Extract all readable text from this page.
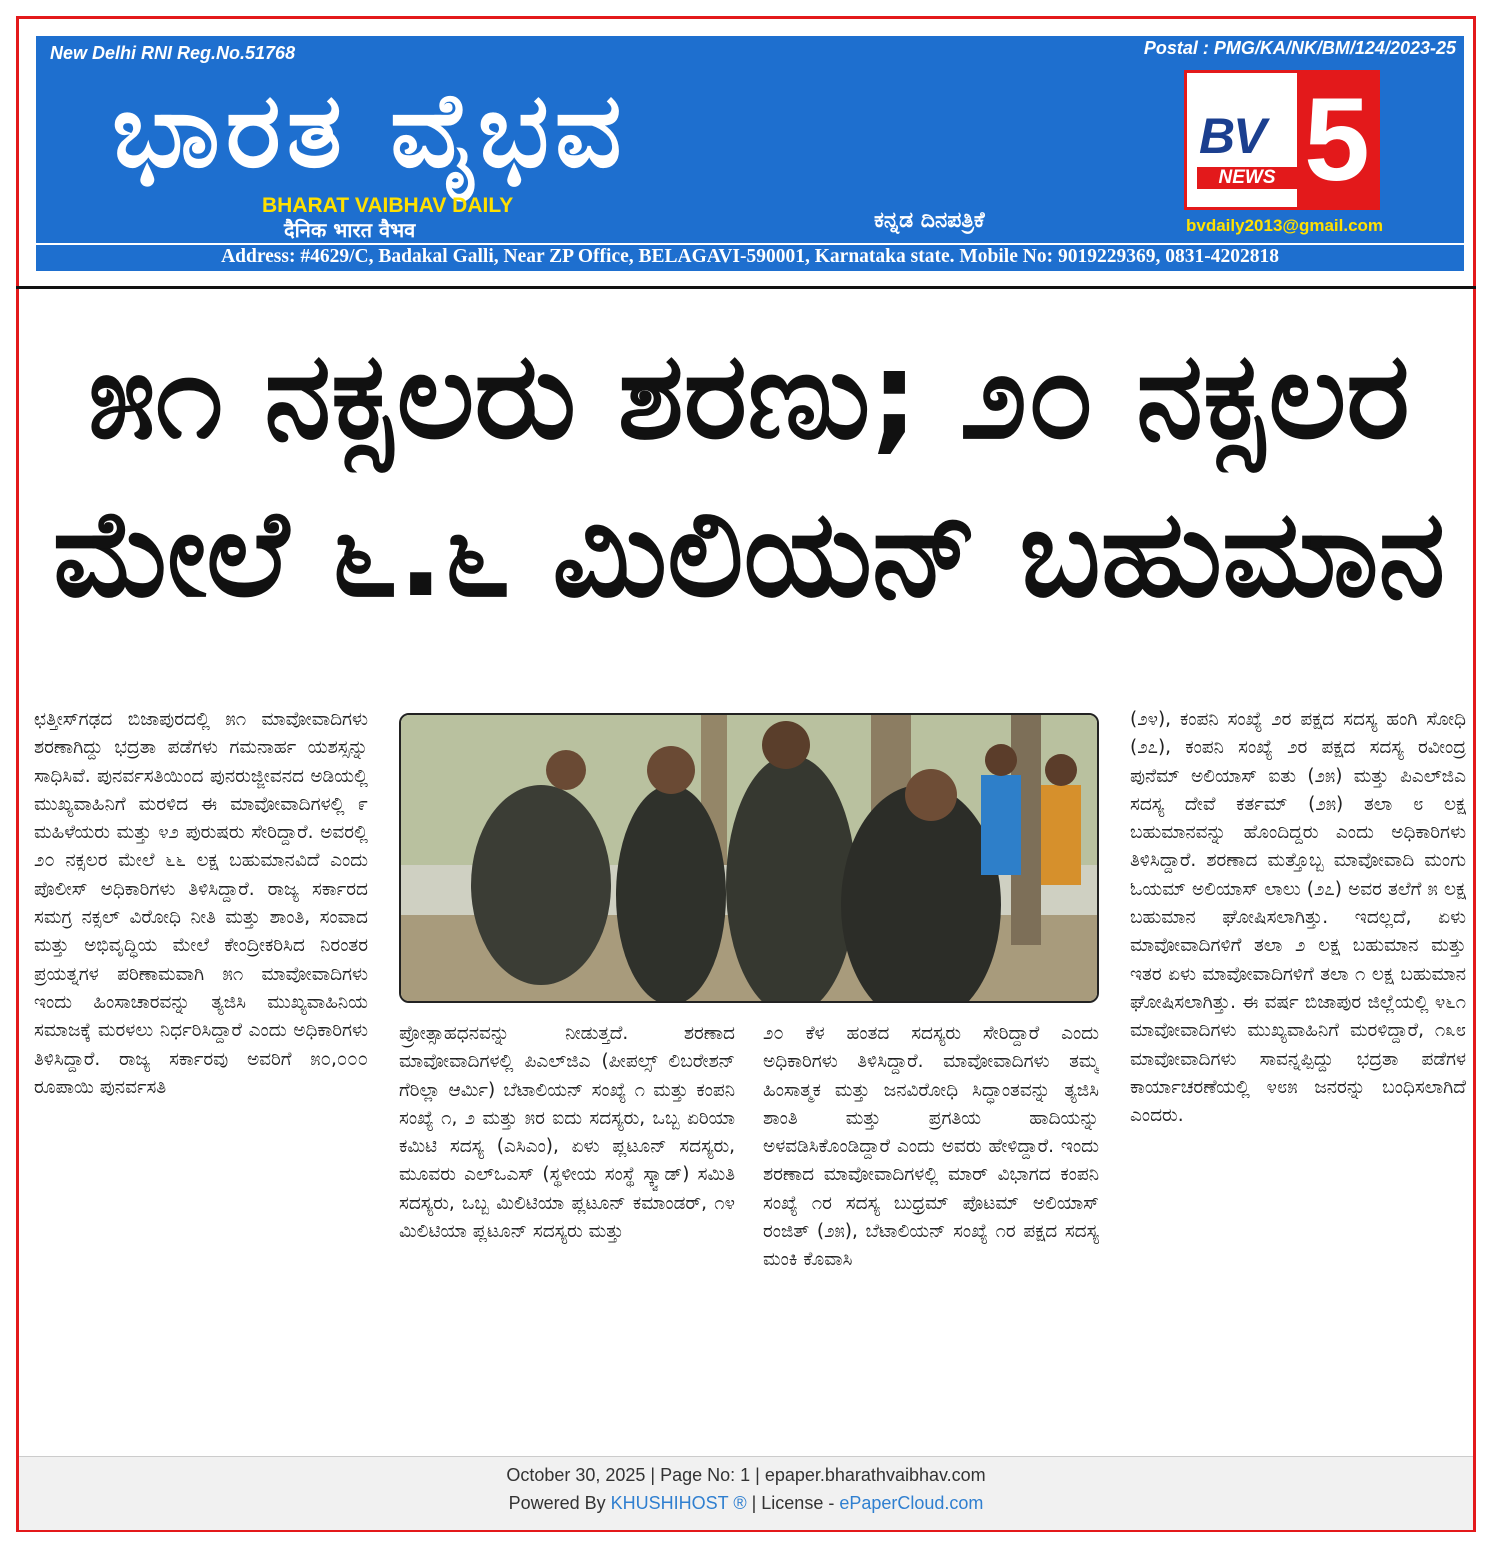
New Delhi RNI Reg.No.51768	Postal : PMG/KA/NK/BM/124/2023-25
ಭಾರತ ವೈಭವ
BHARAT VAIBHAV DAILY
दैनिक भारत वैभव	ಕನ್ನಡ ದಿನಪತ್ರಿಕೆ
BV
NEWS 5
bvdaily2013@gmail.com
Address: #4629/C, Badakal Galli, Near ZP Office, BELAGAVI-590001, Karnataka state. Mobile No: 9019229369, 0831-4202818
೫೧ ನಕ್ಸಲರು ಶರಣು; ೨೦ ನಕ್ಸಲರ
ಮೇಲೆ ೬.೬ ಮಿಲಿಯನ್ ಬಹುಮಾನ
ಛತ್ತೀಸ್‌ಗಢದ ಬಿಜಾಪುರದಲ್ಲಿ ೫೧ ಮಾವೋವಾದಿಗಳು ಶರಣಾಗಿದ್ದು ಭದ್ರತಾ ಪಡೆಗಳು ಗಮನಾರ್ಹ ಯಶಸ್ಸನ್ನು ಸಾಧಿಸಿವೆ. ಪುನರ್ವಸತಿಯಿಂದ ಪುನರುಜ್ಜೀವನದ ಅಡಿಯಲ್ಲಿ ಮುಖ್ಯವಾಹಿನಿಗೆ ಮರಳಿದ ಈ ಮಾವೋವಾದಿಗಳಲ್ಲಿ ೯ ಮಹಿಳೆಯರು ಮತ್ತು ೪೨ ಪುರುಷರು ಸೇರಿದ್ದಾರೆ. ಅವರಲ್ಲಿ ೨೦ ನಕ್ಸಲರ ಮೇಲೆ ೬೬ ಲಕ್ಷ ಬಹುಮಾನವಿದೆ ಎಂದು ಪೊಲೀಸ್ ಅಧಿಕಾರಿಗಳು ತಿಳಿಸಿದ್ದಾರೆ. ರಾಜ್ಯ ಸರ್ಕಾರದ ಸಮಗ್ರ ನಕ್ಸಲ್ ವಿರೋಧಿ ನೀತಿ ಮತ್ತು ಶಾಂತಿ, ಸಂವಾದ ಮತ್ತು ಅಭಿವೃದ್ಧಿಯ ಮೇಲೆ ಕೇಂದ್ರೀಕರಿಸಿದ ನಿರಂತರ ಪ್ರಯತ್ನಗಳ ಪರಿಣಾಮವಾಗಿ ೫೧ ಮಾವೋವಾದಿಗಳು ಇಂದು ಹಿಂಸಾಚಾರವನ್ನು ತ್ಯಜಿಸಿ ಮುಖ್ಯವಾಹಿನಿಯ ಸಮಾಜಕ್ಕೆ ಮರಳಲು ನಿರ್ಧರಿಸಿದ್ದಾರೆ ಎಂದು ಅಧಿಕಾರಿಗಳು ತಿಳಿಸಿದ್ದಾರೆ. ರಾಜ್ಯ ಸರ್ಕಾರವು ಅವರಿಗೆ ೫೦,೦೦೦ ರೂಪಾಯಿ ಪುನರ್ವಸತಿ
ಪ್ರೋತ್ಸಾಹಧನವನ್ನು ನೀಡುತ್ತದೆ. ಶರಣಾದ ಮಾವೋವಾದಿಗಳಲ್ಲಿ ಪಿಎಲ್‌ಜಿಎ (ಪೀಪಲ್ಸ್ ಲಿಬರೇಶನ್ ಗೆರಿಲ್ಲಾ ಆರ್ಮಿ) ಬೆಟಾಲಿಯನ್ ಸಂಖ್ಯೆ ೧ ಮತ್ತು ಕಂಪನಿ ಸಂಖ್ಯೆ ೧, ೨ ಮತ್ತು ೫ರ ಐದು ಸದಸ್ಯರು, ಒಬ್ಬ ಏರಿಯಾ ಕಮಿಟಿ ಸದಸ್ಯ (ಎಸಿಎಂ), ಏಳು ಪ್ಲಟೂನ್ ಸದಸ್ಯರು, ಮೂವರು ಎಲ್‌ಒಎಸ್ (ಸ್ಥಳೀಯ ಸಂಸ್ಥೆ ಸ್ಕ್ವಾಡ್) ಸಮಿತಿ ಸದಸ್ಯರು, ಒಬ್ಬ ಮಿಲಿಟಿಯಾ ಪ್ಲಟೂನ್ ಕಮಾಂಡರ್, ೧೪ ಮಿಲಿಟಿಯಾ ಪ್ಲಟೂನ್ ಸದಸ್ಯರು ಮತ್ತು
೨೦ ಕೆಳ ಹಂತದ ಸದಸ್ಯರು ಸೇರಿದ್ದಾರೆ ಎಂದು ಅಧಿಕಾರಿಗಳು ತಿಳಿಸಿದ್ದಾರೆ. ಮಾವೋವಾದಿಗಳು ತಮ್ಮ ಹಿಂಸಾತ್ಮಕ ಮತ್ತು ಜನವಿರೋಧಿ ಸಿದ್ಧಾಂತವನ್ನು ತ್ಯಜಿಸಿ ಶಾಂತಿ ಮತ್ತು ಪ್ರಗತಿಯ ಹಾದಿಯನ್ನು ಅಳವಡಿಸಿಕೊಂಡಿದ್ದಾರೆ ಎಂದು ಅವರು ಹೇಳಿದ್ದಾರೆ. ಇಂದು ಶರಣಾದ ಮಾವೋವಾದಿಗಳಲ್ಲಿ ಮಾರ್ ವಿಭಾಗದ ಕಂಪನಿ ಸಂಖ್ಯೆ ೧ರ ಸದಸ್ಯ ಬುಧ್ರಮ್ ಪೊಟಮ್ ಅಲಿಯಾಸ್ ರಂಜಿತ್ (೨೫), ಬೆಟಾಲಿಯನ್ ಸಂಖ್ಯೆ ೧ರ ಪಕ್ಷದ ಸದಸ್ಯ ಮಂಕಿ ಕೊವಾಸಿ
(೨೪), ಕಂಪನಿ ಸಂಖ್ಯೆ ೨ರ ಪಕ್ಷದ ಸದಸ್ಯ ಹಂಗಿ ಸೋಧಿ (೨೭), ಕಂಪನಿ ಸಂಖ್ಯೆ ೨ರ ಪಕ್ಷದ ಸದಸ್ಯ ರವೀಂದ್ರ ಪುನೆಮ್ ಅಲಿಯಾಸ್ ಐತು (೨೫) ಮತ್ತು ಪಿಎಲ್‌ಜಿಎ ಸದಸ್ಯ ದೇವೆ ಕರ್ತಮ್ (೨೫) ತಲಾ ೮ ಲಕ್ಷ ಬಹುಮಾನವನ್ನು ಹೊಂದಿದ್ದರು ಎಂದು ಅಧಿಕಾರಿಗಳು ತಿಳಿಸಿದ್ದಾರೆ. ಶರಣಾದ ಮತ್ತೊಬ್ಬ ಮಾವೋವಾದಿ ಮಂಗು ಓಯಮ್ ಅಲಿಯಾಸ್ ಲಾಲು (೨೭) ಅವರ ತಲೆಗೆ ೫ ಲಕ್ಷ ಬಹುಮಾನ ಘೋಷಿಸಲಾಗಿತ್ತು. ಇದಲ್ಲದೆ, ಏಳು ಮಾವೋವಾದಿಗಳಿಗೆ ತಲಾ ೨ ಲಕ್ಷ ಬಹುಮಾನ ಮತ್ತು ಇತರ ಏಳು ಮಾವೋವಾದಿಗಳಿಗೆ ತಲಾ ೧ ಲಕ್ಷ ಬಹುಮಾನ ಘೋಷಿಸಲಾಗಿತ್ತು. ಈ ವರ್ಷ ಬಿಜಾಪುರ ಜಿಲ್ಲೆಯಲ್ಲಿ ೪೬೧ ಮಾವೋವಾದಿಗಳು ಮುಖ್ಯವಾಹಿನಿಗೆ ಮರಳಿದ್ದಾರೆ, ೧೩೮ ಮಾವೋವಾದಿಗಳು ಸಾವನ್ನಪ್ಪಿದ್ದು ಭದ್ರತಾ ಪಡೆಗಳ ಕಾರ್ಯಾಚರಣೆಯಲ್ಲಿ ೪೮೫ ಜನರನ್ನು ಬಂಧಿಸಲಾಗಿದೆ ಎಂದರು.
October 30, 2025 | Page No: 1 | epaper.bharathvaibhav.com
Powered By KHUSHIHOST ® | License - ePaperCloud.com
